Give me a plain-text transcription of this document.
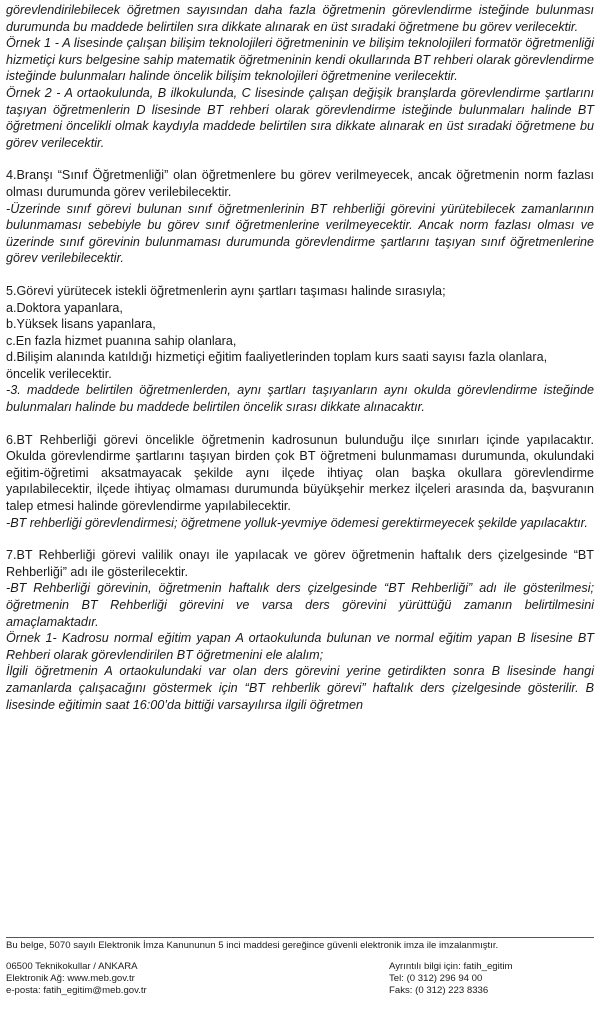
görevlendirilebilecek öğretmen sayısından daha fazla öğretmenin görevlendirme isteğinde bulunması durumunda bu maddede belirtilen sıra dikkate alınarak en üst sıradaki öğretmene bu görev verilecektir.

Örnek 1 - A lisesinde çalışan bilişim teknolojileri öğretmeninin ve bilişim teknolojileri formatör öğretmenliği hizmetiçi kurs belgesine sahip matematik öğretmeninin kendi okullarında BT rehberi olarak görevlendirme isteğinde bulunmaları halinde öncelik bilişim teknolojileri öğretmenine verilecektir.

Örnek 2 - A ortaokulunda, B ilkokulunda, C lisesinde çalışan değişik branşlarda görevlendirme şartlarını taşıyan öğretmenlerin D lisesinde BT rehberi olarak görevlendirme isteğinde bulunmaları halinde BT öğretmeni öncelikli olmak kaydıyla maddede belirtilen sıra dikkate alınarak en üst sıradaki öğretmene bu görev verilecektir.

4.Branşı “Sınıf Öğretmenliği” olan öğretmenlere bu görev verilmeyecek, ancak öğretmenin norm fazlası olması durumunda görev verilebilecektir.

-Üzerinde sınıf görevi bulunan sınıf öğretmenlerinin BT rehberliği görevini yürütebilecek zamanlarının bulunmaması sebebiyle bu görev sınıf öğretmenlerine verilmeyecektir. Ancak norm fazlası olması ve üzerinde sınıf görevinin bulunmaması durumunda görevlendirme şartlarını taşıyan sınıf öğretmenlerine görev verilebilecektir.

5.Görevi yürütecek istekli öğretmenlerin aynı şartları taşıması halinde sırasıyla;

a.Doktora yapanlara,

b.Yüksek lisans yapanlara,

c.En fazla hizmet puanına sahip olanlara,

d.Bilişim alanında katıldığı hizmetiçi eğitim faaliyetlerinden toplam kurs saati sayısı fazla olanlara,

öncelik verilecektir.

-3. maddede belirtilen öğretmenlerden, aynı şartları taşıyanların aynı okulda görevlendirme isteğinde bulunmaları halinde bu maddede belirtilen öncelik sırası dikkate alınacaktır.

6.BT Rehberliği görevi öncelikle öğretmenin kadrosunun bulunduğu ilçe sınırları içinde yapılacaktır. Okulda görevlendirme şartlarını taşıyan birden çok BT öğretmeni bulunmaması durumunda, okulundaki eğitim-öğretimi aksatmayacak şekilde aynı ilçede ihtiyaç olan başka okullara görevlendirme yapılabilecektir, ilçede ihtiyaç olmaması durumunda büyükşehir merkez ilçeleri arasında da, başvuranın talep etmesi halinde görevlendirme yapılabilecektir.

-BT rehberliği görevlendirmesi; öğretmene yolluk-yevmiye ödemesi gerektirmeyecek şekilde yapılacaktır.

7.BT Rehberliği görevi valilik onayı ile yapılacak ve görev öğretmenin haftalık ders çizelgesinde “BT Rehberliği” adı ile gösterilecektir.

-BT Rehberliği görevinin, öğretmenin haftalık ders çizelgesinde “BT Rehberliği” adı ile gösterilmesi; öğretmenin BT Rehberliği görevini ve varsa ders görevini yürüttüğü zamanın belirtilmesini amaçlamaktadır.

Örnek 1- Kadrosu normal eğitim yapan A ortaokulunda bulunan ve normal eğitim yapan B lisesine BT Rehberi olarak görevlendirilen BT öğretmenini ele alalım;

İlgili öğretmenin A ortaokulundaki var olan ders görevini yerine getirdikten sonra B lisesinde hangi zamanlarda çalışacağını göstermek için “BT rehberlik görevi” haftalık ders çizelgesinde gösterilir. B lisesinde eğitimin saat 16:00’da bittiği varsayılırsa ilgili öğretmen

Bu belge, 5070 sayılı Elektronik İmza Kanununun 5 inci maddesi gereğince güvenli elektronik imza ile imzalanmıştır.

06500 Teknikokullar / ANKARA
Elektronik Ağ: www.meb.gov.tr
e-posta: fatih_egitim@meb.gov.tr
Ayrıntılı bilgi için: fatih_egitim
Tel: (0 312) 296 94 00
Faks: (0 312) 223 8336
